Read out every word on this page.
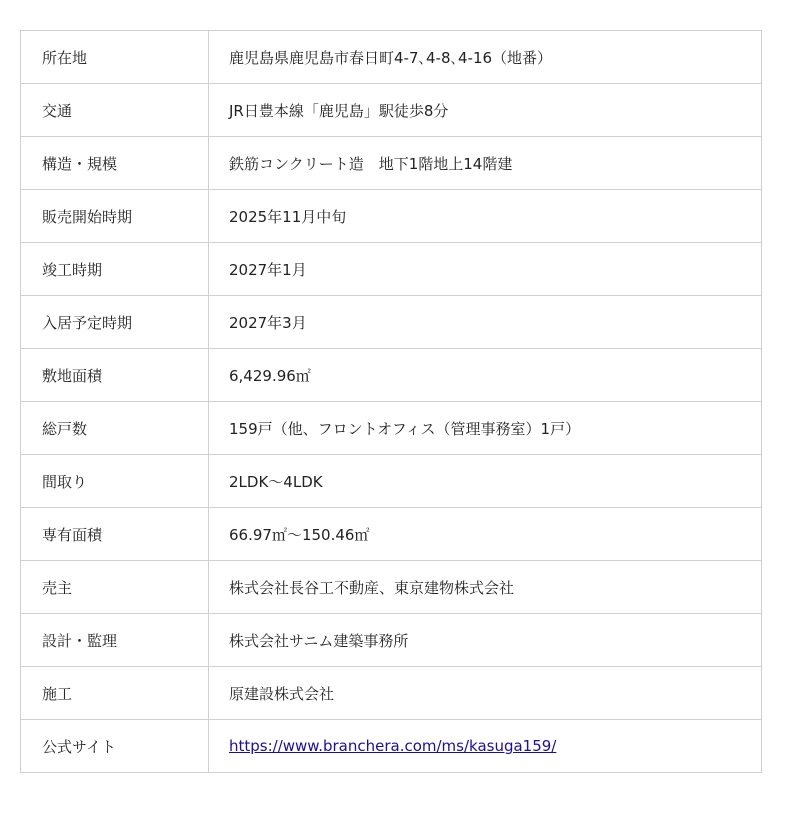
所在地	鹿児島県鹿児島市春日町4-7､4-8､4-16（地番）
交通	JR日豊本線「鹿児島」駅徒歩8分
構造・規模	鉄筋コンクリート造　地下1階地上14階建
販売開始時期	2025年11月中旬
竣工時期	2027年1月
入居予定時期	2027年3月
敷地面積	6,429.96㎡
総戸数	159戸（他、フロントオフィス（管理事務室）1戸）
間取り	2LDK～4LDK
専有面積	66.97㎡～150.46㎡
売主	株式会社長谷工不動産、東京建物株式会社
設計・監理	株式会社サニム建築事務所
施工	󠄀原建設株式会社
公式サイト	https://www.branchera.com/ms/kasuga159/
